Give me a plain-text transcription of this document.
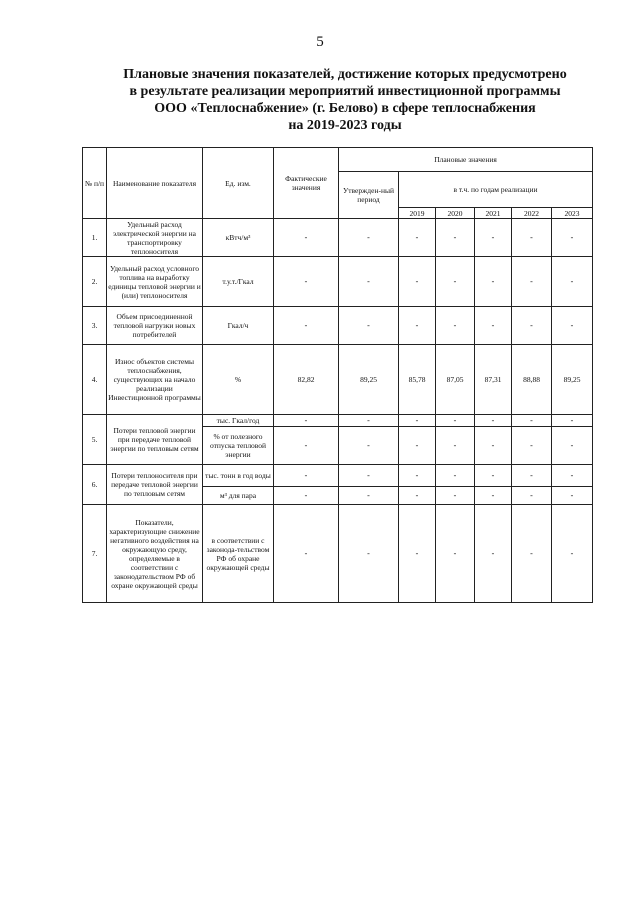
5
Плановые значения показателей, достижение которых предусмотрено
в результате реализации мероприятий инвестиционной программы
ООО «Теплоснабжение» (г. Белово) в сфере теплоснабжения
на 2019-2023 годы
№ п/п	Наименование показателя	Ед. изм.	Фактические значения	Плановые значения					
				Утвержден-ный период	в т.ч. по годам реализации				
					2019	2020	2021	2022	2023
1.	Удельный расход электрической энергии на транспортировку теплоносителя	кВтч/м³	-	-	-	-	-	-	-
2.	Удельный расход условного топлива на выработку единицы тепловой энергии и (или) теплоносителя	т.у.т./Гкал	-	-	-	-	-	-	-
3.	Объем присоединенной тепловой нагрузки новых потребителей	Гкал/ч	-	-	-	-	-	-	-
4.	Износ объектов системы теплоснабжения, существующих на начало реализации Инвестиционной программы	%	82,82	89,25	85,78	87,05	87,31	88,88	89,25
5.	Потери тепловой энергии при передаче тепловой энергии по тепловым сетям	тыс. Гкал/год	-	-	-	-	-	-	-
		% от полезного отпуска тепловой энергии	-	-	-	-	-	-	-
6.	Потери теплоносителя при передаче тепловой энергии по тепловым сетям	тыс. тонн в год воды	-	-	-	-	-	-	-
		м³ для пара	-	-	-	-	-	-	-
7.	Показатели, характеризующие снижение негативного воздействия на окружающую среду, определяемые в соответствии с законодательством РФ об охране окружающей среды	в соответствии с законода-тельством РФ об охране окружающей среды	-	-	-	-	-	-	-
